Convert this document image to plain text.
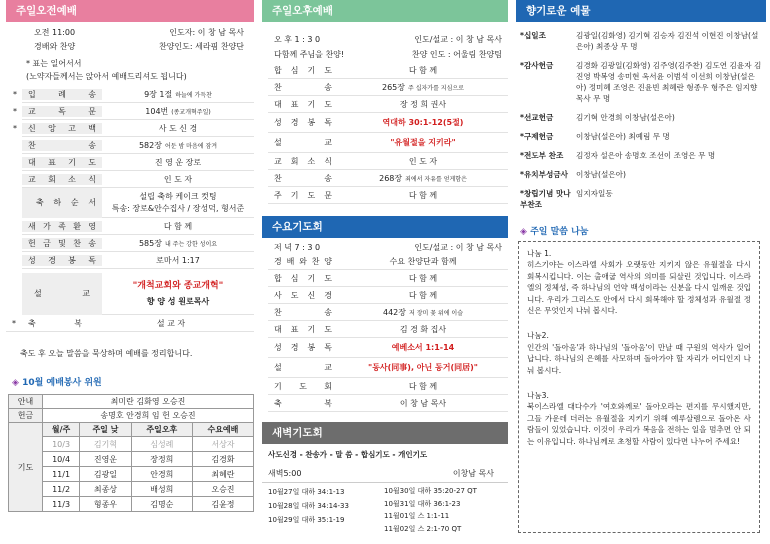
주일오전예배
오전 11:00	인도자: 이 창 남 목사
경배와 찬양	찬양인도: 세라핌 찬양단
* 표는 일어서서
(노약자들께서는 앉아서 예배드리셔도 됩니다)
*	입 례 송	9장 1절 하늘에 가득찬
*	교 독 문	104번 (종교개혁주일)
*	신 앙 고 백	사 도 신 경
찬 송	582장 어둔 밤 마음에 잠겨
대 표 기 도	진 영 운 장로
교 회 소 식	인 도 자
축 하 순 서
설립 축하 케이크 컷팅
특송: 장로&안수집사 / 장성덕, 형서준
새 가 족 환 영	다 함 께
헌 금 및 찬 송	585장 내 주는 강한 성이요
성 경 봉 독	로마서 1:17
설 교
"개척교회와 종교개혁"
향 양 성 원로목사
*	축 복	설 교 자
축도 후 오늘 말씀을 묵상하며 예배를 정리합니다.
◈ 10월 예배봉사 위원
안내	최미란 김화영 오승진			
헌금	송명호 안경희 임 헌 오승진			
기도	월/주	주일 낮	주일오후	수요예배
	10/3	김기혁	심성례	서상자
	10/4	진영운	장정희	김경화
	11/1	김광일	안경희	최혜란
	11/2	최종상	배성희	오승진
	11/3	형종우	김명순	김윤정
주일오후예배
오 후 1 : 3 0	인도/설교 : 이 창 남 목사
다함께 주님을 찬양!	찬양 인도 : 어울림 찬양팀
합 심 기 도	다 함 께
찬 송	265장 주 십자가를 지심으로
대 표 기 도	장 정 희 권사
성 경 봉 독	역대하 30:1-12(5절)
설 교	"유월절을 지키라"
교 회 소 식	인 도 자
찬 송	268장 죄에서 자유를 얻게함은
주 기 도 문	다 함 께
수요기도회
저 녁 7 : 3 0	인도/설교 : 이 창 남 목사
경 배 와 찬 양	수요 찬양단과 함께
합 심 기 도	다 함 께
사 도 신 경	다 함 께
찬 송	442장 저 장미 꽃 위에 이슬
대 표 기 도	김 경 화 집사
성 경 봉 독	예베소서 1:1-14
설 교	"동사(同事), 아닌 동거(同居)"
기 도 회	다 함 께
축 복	이 창 남 목사
새벽기도회
사도신경 - 찬송가 - 말 씀 - 합심기도 - 개인기도
새벽5:00	이창남 목사
10월27일 대하 34:1-13
10월28일 대하 34:14-33
10월29일 대하 35:1-19
10월30일 대하 35:20-27 QT
10월31일 대하 36:1-23
11월01일 스 1:1-11
11월02일 스 2:1-70 QT
향기로운 예물
*십일조	김광일(김화영) 김기혁 김승자 김진석 이현진 이창남(설은아) 최종상 무 명
*감사헌금	김경화 김광일(김화영) 김주영(김주찬) 김도연 김윤자 김진영 박복영 송미현 옥서윤 이범석 이선희 이창남(설은아) 정미혜 조영은 진윤빈 최혜란 형종우 형주은 임지향목사 무 명
*선교헌금	김기혁 안경희 이창남(설은아)
*구제헌금	이창남(설은아) 최예림 무 명
*전도부 찬조	김정자 설은아 송명호 조선이 조영은 무 명
*유치부성금사	이창남(설은아)
*창립기념 맛나부찬조
임지자일동
◈ 주일 말씀 나눔
나눔 1.
히스기야는 이스라엘 사회가 오랫동안 지키지 않은 유월절을 다시 회복시킵니다. 이는 출애굽 역사의 의미를 되살린 것입니다. 이스라엘의 정체성, 즉 하나님의 언약 백성이라는 신분을 다시 일깨운 것입니다. 우리가 그리스도 안에서 다시 회복해야 할 정체성과 유월절 정신은 무엇인지 나눠 봅시다.
나눔2.
인간의 '돌아옴'과 하나님의 '돌아옴'이 만날 때 구원의 역사가 일어납니다. 하나님의 은혜를 사모하며 돌아가야 할 자리가 어디인지 나눠 봅시다.
나눔3.
북이스라엘 대다수가 '여호와께로' 돌아오라는 편지를 무시했지만, 그들 가운데 더러는 유월절을 지키기 위해 예루살렘으로 돌아온 사람들이 있었습니다. 이것이 우리가 복음을 전하는 일을 멈추면 안 되는 이유입니다. 하나님께로 초청할 사람이 있다면 나누어 주세요!
